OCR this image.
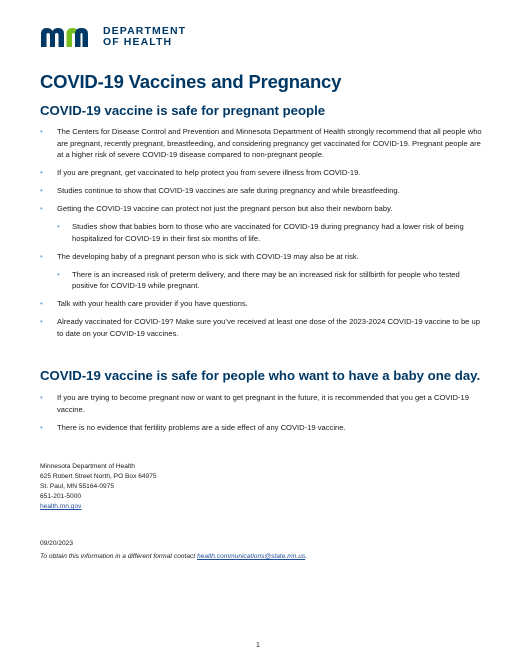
DEPARTMENT
OF HEALTH
COVID-19 Vaccines and Pregnancy
COVID-19 vaccine is safe for pregnant people
• The Centers for Disease Control and Prevention and Minnesota Department of Health strongly recommend that all people who are pregnant, recently pregnant, breastfeeding, and considering pregnancy get vaccinated for COVID-19. Pregnant people are at a higher risk of severe COVID-19 disease compared to non-pregnant people.
• If you are pregnant, get vaccinated to help protect you from severe illness from COVID-19.
• Studies continue to show that COVID-19 vaccines are safe during pregnancy and while breastfeeding.
• Getting the COVID-19 vaccine can protect not just the pregnant person but also their newborn baby.
• Studies show that babies born to those who are vaccinated for COVID-19 during pregnancy had a lower risk of being hospitalized for COVID-19 in their first six months of life.
• The developing baby of a pregnant person who is sick with COVID-19 may also be at risk.
• There is an increased risk of preterm delivery, and there may be an increased risk for stillbirth for people who tested positive for COVID-19 while pregnant.
• Talk with your health care provider if you have questions.
• Already vaccinated for COVID-19? Make sure you’ve received at least one dose of the 2023-2024 COVID-19 vaccine to be up to date on your COVID-19 vaccines.
COVID-19 vaccine is safe for people who want to have a baby one day.
• If you are trying to become pregnant now or want to get pregnant in the future, it is recommended that you get a COVID-19 vaccine.
• There is no evidence that fertility problems are a side effect of any COVID-19 vaccine.
Minnesota Department of Health
625 Robert Street North, PO Box 64975
St. Paul, MN 55164-0975
651-201-5000
health.mn.gov
09/20/2023
To obtain this information in a different format contact health.communications@state.mn.us.
1
